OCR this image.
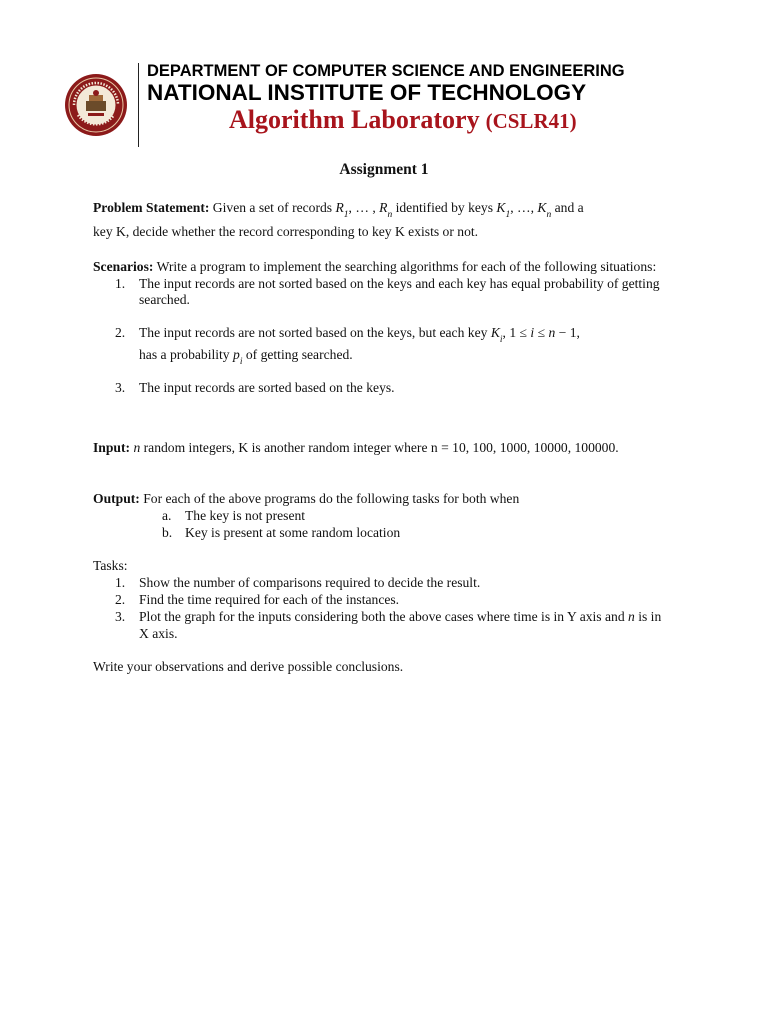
DEPARTMENT OF COMPUTER SCIENCE AND ENGINEERING
NATIONAL INSTITUTE OF TECHNOLOGY
Algorithm Laboratory (CSLR41)
Assignment 1
Problem Statement: Given a set of records $R_1$, … , $R_n$ identified by keys $K_1$, …, $K_n$ and a
key K, decide whether the record corresponding to key K exists or not.
Scenarios: Write a program to implement the searching algorithms for each of the following situations:
1. The input records are not sorted based on the keys and each key has equal probability of getting searched.
2. The input records are not sorted based on the keys, but each key $K_i$, 1 ≤ i ≤ n − 1,
has a probability $p_i$ of getting searched.
3. The input records are sorted based on the keys.
Input: n random integers, K is another random integer where n = 10, 100, 1000, 10000, 100000.
Output: For each of the above programs do the following tasks for both when
a. The key is not present
b. Key is present at some random location
Tasks:
1. Show the number of comparisons required to decide the result.
2. Find the time required for each of the instances.
3. Plot the graph for the inputs considering both the above cases where time is in Y axis and n is in X axis.
Write your observations and derive possible conclusions.
